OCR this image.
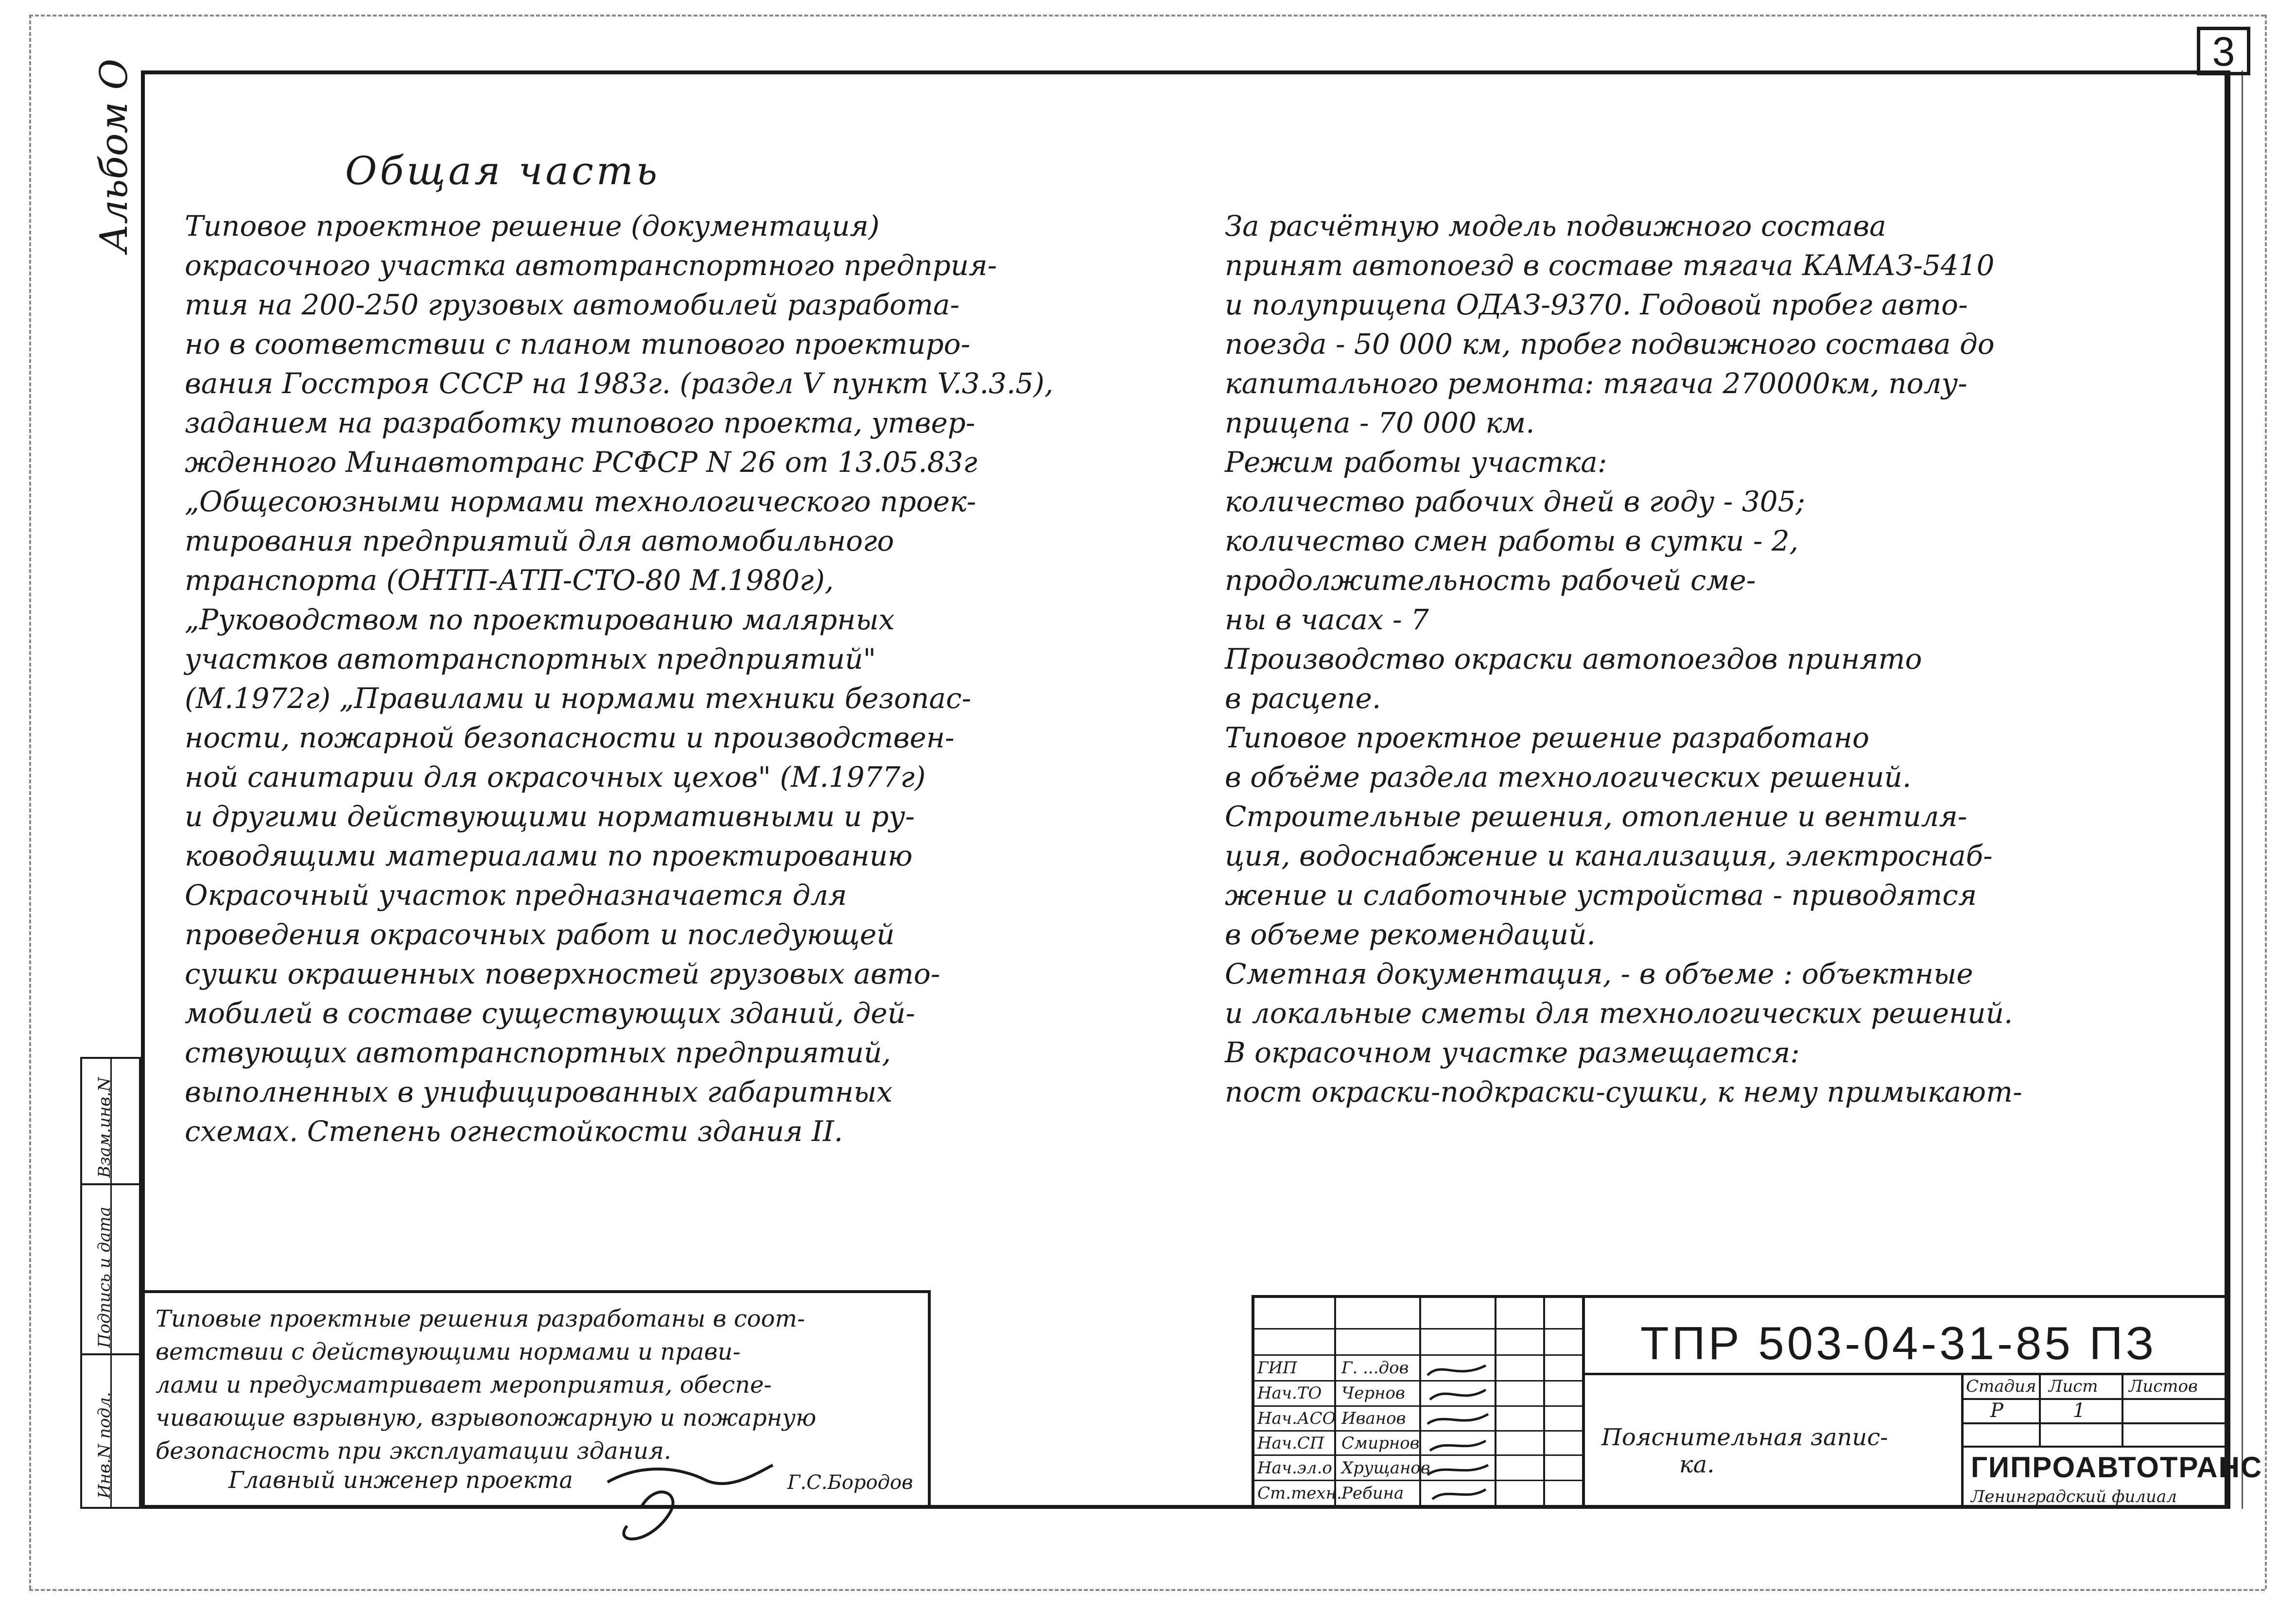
3
Альбом О	Общая часть
Типовое проектное решение (документация)
окрасочного участка автотранспортного предприя-
тия на 200-250 грузовых автомобилей разработа-
но в соответствии с планом типового проектиро-
вания Госстроя СССР на 1983г. (раздел V пункт V.3.3.5),
заданием на разработку типового проекта, утвер-
жденного Минавтотранс РСФСР N 26 от 13.05.83г
„Общесоюзными нормами технологического проек-
тирования предприятий для автомобильного
транспорта (ОНТП-АТП-СТО-80 М.1980г),
„Руководством по проектированию малярных
участков автотранспортных предприятий"
(М.1972г) „Правилами и нормами техники безопас-
ности, пожарной безопасности и производствен-
ной санитарии для окрасочных цехов" (М.1977г)
и другими действующими нормативными и ру-
ководящими материалами по проектированию
Окрасочный участок предназначается для
проведения окрасочных работ и последующей
сушки окрашенных поверхностей грузовых авто-
мобилей в составе существующих зданий, дей-
ствующих автотранспортных предприятий,
выполненных в унифицированных габаритных
схемах. Степень огнестойкости здания II.
За расчётную модель подвижного состава
принят автопоезд в составе тягача КАМАЗ-5410
и полуприцепа ОДАЗ-9370. Годовой пробег авто-
поезда - 50 000 км, пробег подвижного состава до
капитального ремонта: тягача 270000км, полу-
прицепа - 70 000 км.
Режим работы участка:
количество рабочих дней в году - 305;
количество смен работы в сутки - 2,
продолжительность рабочей сме-
ны в часах - 7
Производство окраски автопоездов принято
в расцепе.
Типовое проектное решение разработано
в объёме раздела технологических решений.
Строительные решения, отопление и вентиля-
ция, водоснабжение и канализация, электроснаб-
жение и слаботочные устройства - приводятся
в объеме рекомендаций.
Сметная документация, - в объеме : объектные
и локальные сметы для технологических решений.
В окрасочном участке размещается:
пост окраски-подкраски-сушки, к нему примыкают-
Взам.инв.N
Подпись и дата
Инв.N подл.
Типовые проектные решения разработаны в соот-
ветствии с действующими нормами и прави-
лами и предусматривает мероприятия, обеспе-
чивающие взрывную, взрывопожарную и пожарную
безопасность при эксплуатации здания.
Главный инженер проекта	Г.С.Бородов
ГИП	Г. ...дов
Нач.ТО Чернов
Нач.АСО Иванов
Нач.СП Смирнов
Нач.эл.о Хрущанов
Ст.техн. Ребина
ТПР 503-04-31-85 ПЗ
Пояснительная запис-
ка.
Стадия Лист Листов
Р	1
ГИПРОАВТОТРАНС
Ленинградский филиал
